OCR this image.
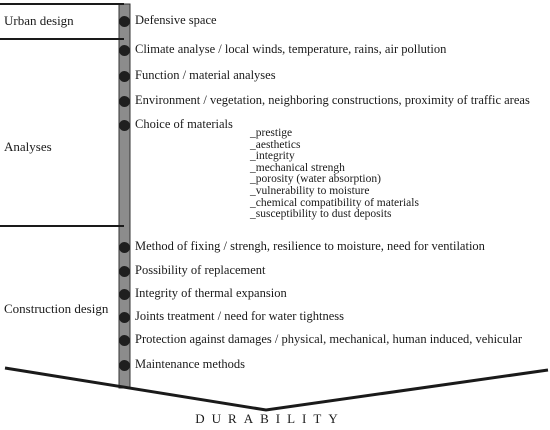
Urban design	Defensive space
Analyses
Climate analyse / local winds, temperature, rains, air pollution
Function / material analyses
Environment / vegetation, neighboring constructions, proximity of traffic areas
Choice of materials
_prestige
_aesthetics
_integrity
_mechanical strengh
_porosity (water absorption)
_vulnerability to moisture
_chemical compatibility of materials
_susceptibility to dust deposits
Construction design
Method of fixing / strengh, resilience to moisture, need for ventilation
Possibility of replacement
Integrity of thermal expansion
Joints treatment / need for water tightness
Protection against damages / physical, mechanical, human induced, vehicular
Maintenance methods
DURABILITY
